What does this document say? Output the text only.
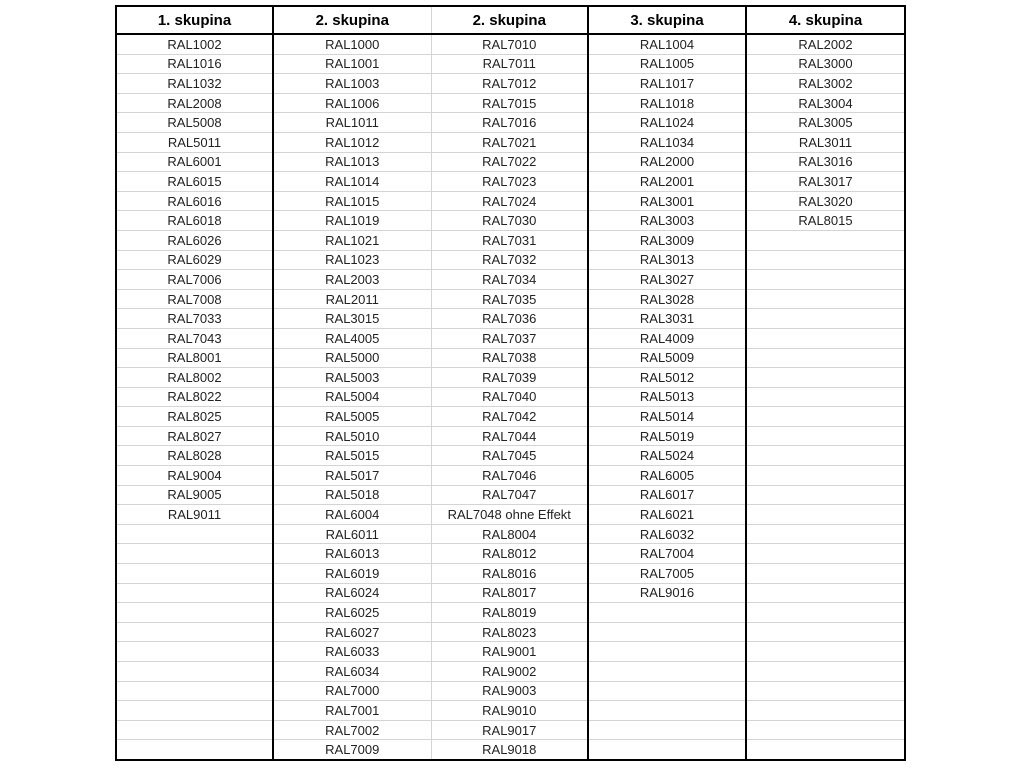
1. skupina	2. skupina	2. skupina	3. skupina	4. skupina
RAL1002	RAL1000	RAL7010	RAL1004	RAL2002
RAL1016	RAL1001	RAL7011	RAL1005	RAL3000
RAL1032	RAL1003	RAL7012	RAL1017	RAL3002
RAL2008	RAL1006	RAL7015	RAL1018	RAL3004
RAL5008	RAL1011	RAL7016	RAL1024	RAL3005
RAL5011	RAL1012	RAL7021	RAL1034	RAL3011
RAL6001	RAL1013	RAL7022	RAL2000	RAL3016
RAL6015	RAL1014	RAL7023	RAL2001	RAL3017
RAL6016	RAL1015	RAL7024	RAL3001	RAL3020
RAL6018	RAL1019	RAL7030	RAL3003	RAL8015
RAL6026	RAL1021	RAL7031	RAL3009	
RAL6029	RAL1023	RAL7032	RAL3013	
RAL7006	RAL2003	RAL7034	RAL3027	
RAL7008	RAL2011	RAL7035	RAL3028	
RAL7033	RAL3015	RAL7036	RAL3031	
RAL7043	RAL4005	RAL7037	RAL4009	
RAL8001	RAL5000	RAL7038	RAL5009	
RAL8002	RAL5003	RAL7039	RAL5012	
RAL8022	RAL5004	RAL7040	RAL5013	
RAL8025	RAL5005	RAL7042	RAL5014	
RAL8027	RAL5010	RAL7044	RAL5019	
RAL8028	RAL5015	RAL7045	RAL5024	
RAL9004	RAL5017	RAL7046	RAL6005	
RAL9005	RAL5018	RAL7047	RAL6017	
RAL9011	RAL6004	RAL7048 ohne Effekt	RAL6021	
	RAL6011	RAL8004	RAL6032	
	RAL6013	RAL8012	RAL7004	
	RAL6019	RAL8016	RAL7005	
	RAL6024	RAL8017	RAL9016	
	RAL6025	RAL8019		
	RAL6027	RAL8023		
	RAL6033	RAL9001		
	RAL6034	RAL9002		
	RAL7000	RAL9003		
	RAL7001	RAL9010		
	RAL7002	RAL9017		
	RAL7009	RAL9018		
